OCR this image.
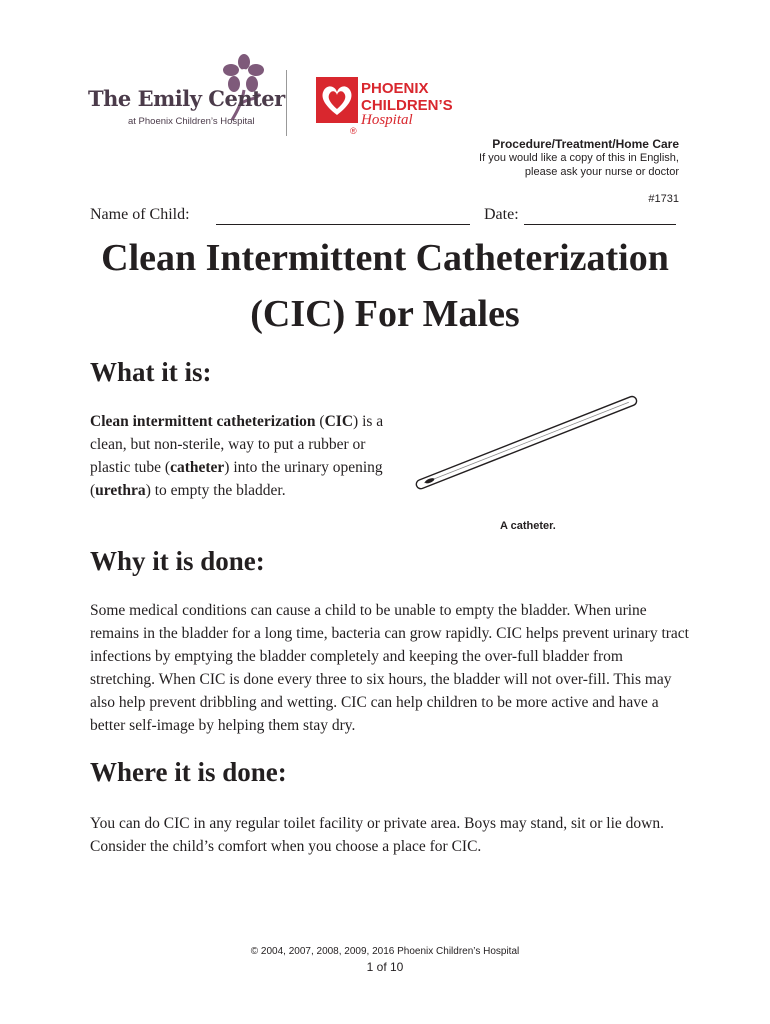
The Emily Center
at Phoenix Children’s Hospital
PHOENIX
CHILDREN’S
Hospital
®
Procedure/Treatment/Home Care
If you would like a copy of this in English,
please ask your nurse or doctor
#1731
Name of Child:	Date:
Clean Intermittent Catheterization
(CIC) For Males
What it is:
Clean intermittent catheterization (CIC) is a clean, but non-sterile, way to put a rubber or plastic tube (catheter) into the urinary opening (urethra) to empty the bladder.
A catheter.
Why it is done:
Some medical conditions can cause a child to be unable to empty the bladder. When urine remains in the bladder for a long time, bacteria can grow rapidly. CIC helps prevent urinary tract infections by emptying the bladder completely and keeping the over-full bladder from stretching. When CIC is done every three to six hours, the bladder will not over-fill. This may also help prevent dribbling and wetting. CIC can help children to be more active and have a better self-image by helping them stay dry.
Where it is done:
You can do CIC in any regular toilet facility or private area. Boys may stand, sit or lie down. Consider the child’s comfort when you choose a place for CIC.
© 2004, 2007, 2008, 2009, 2016 Phoenix Children’s Hospital
1 of 10
